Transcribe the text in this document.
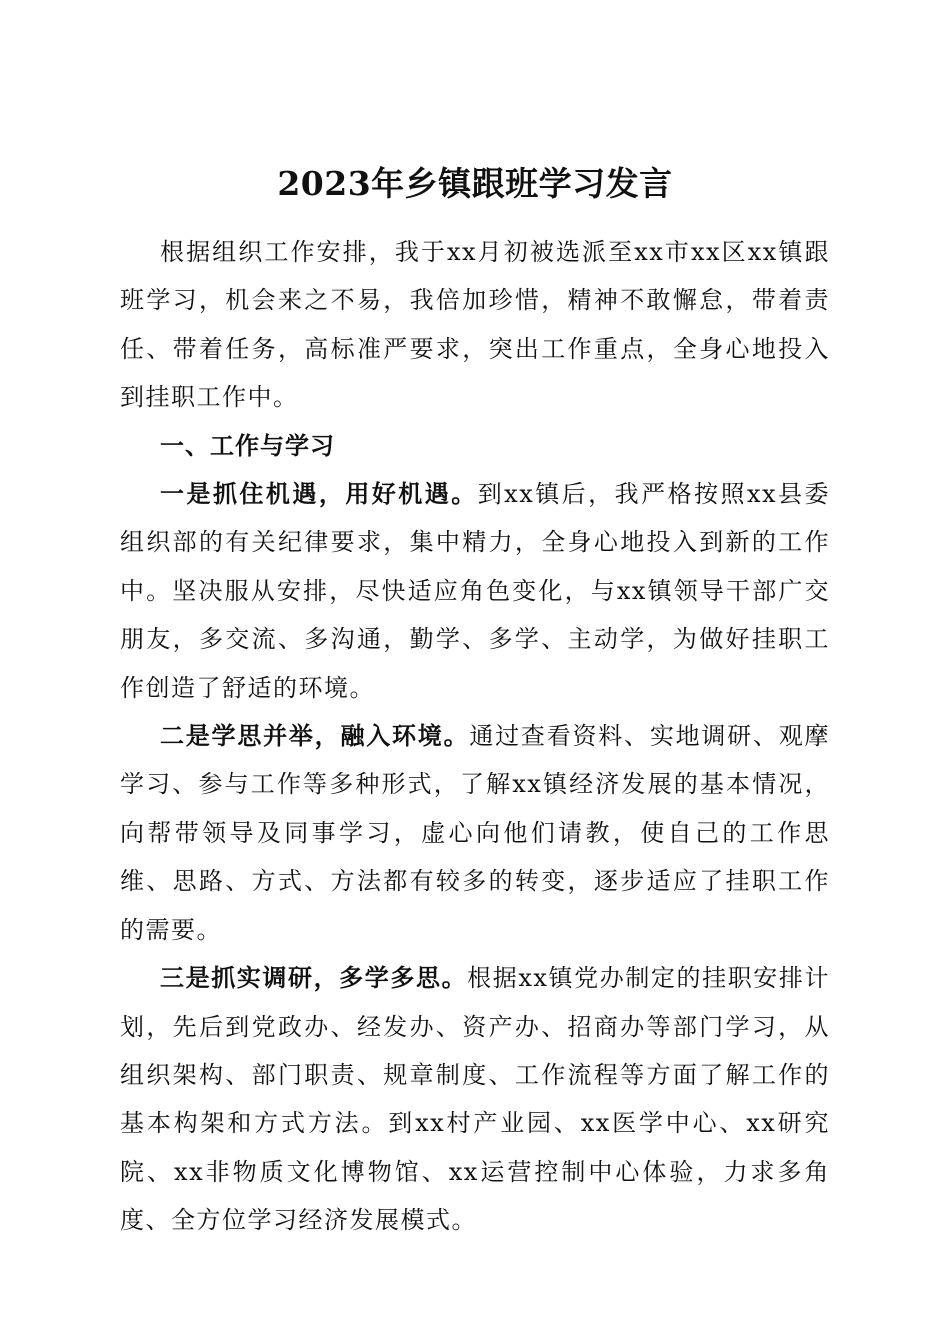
2023年乡镇跟班学习发言

根据组织工作安排，我于xx月初被选派至xx市xx区xx镇跟班学习，机会来之不易，我倍加珍惜，精神不敢懈怠，带着责任、带着任务，高标准严要求，突出工作重点，全身心地投入到挂职工作中。

一、工作与学习

一是抓住机遇，用好机遇。到xx镇后，我严格按照xx县委组织部的有关纪律要求，集中精力，全身心地投入到新的工作中。坚决服从安排，尽快适应角色变化，与xx镇领导干部广交朋友，多交流、多沟通，勤学、多学、主动学，为做好挂职工作创造了舒适的环境。

二是学思并举，融入环境。通过查看资料、实地调研、观摩学习、参与工作等多种形式，了解xx镇经济发展的基本情况，向帮带领导及同事学习，虚心向他们请教，使自己的工作思维、思路、方式、方法都有较多的转变，逐步适应了挂职工作的需要。

三是抓实调研，多学多思。根据xx镇党办制定的挂职安排计划，先后到党政办、经发办、资产办、招商办等部门学习，从组织架构、部门职责、规章制度、工作流程等方面了解工作的基本构架和方式方法。到xx村产业园、xx医学中心、xx研究院、xx非物质文化博物馆、xx运营控制中心体验，力求多角度、全方位学习经济发展模式。
